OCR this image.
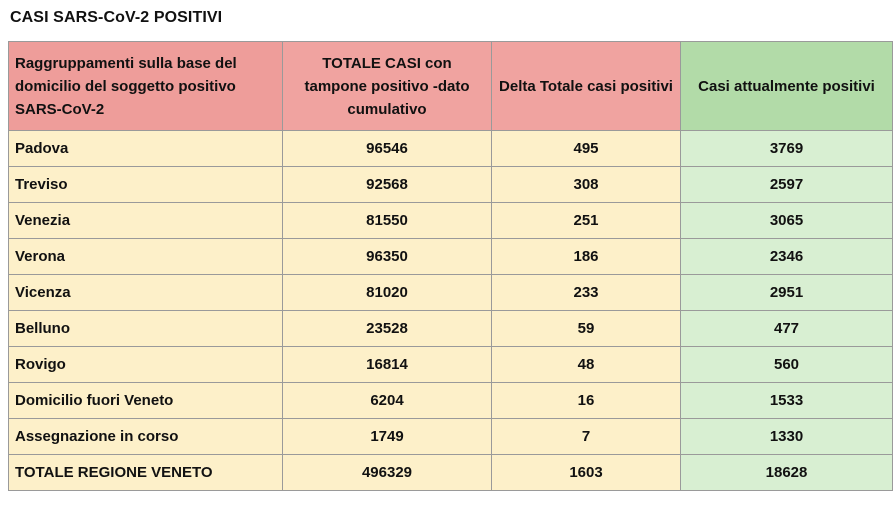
CASI SARS-CoV-2 POSITIVI
Raggruppamenti sulla base del domicilio del soggetto positivo SARS-CoV-2	TOTALE CASI con tampone positivo -dato cumulativo	Delta Totale casi positivi	Casi attualmente positivi
Padova	96546	495	3769
Treviso	92568	308	2597
Venezia	81550	251	3065
Verona	96350	186	2346
Vicenza	81020	233	2951
Belluno	23528	59	477
Rovigo	16814	48	560
Domicilio fuori Veneto	6204	16	1533
Assegnazione in corso	1749	7	1330
TOTALE REGIONE VENETO	496329	1603	18628
